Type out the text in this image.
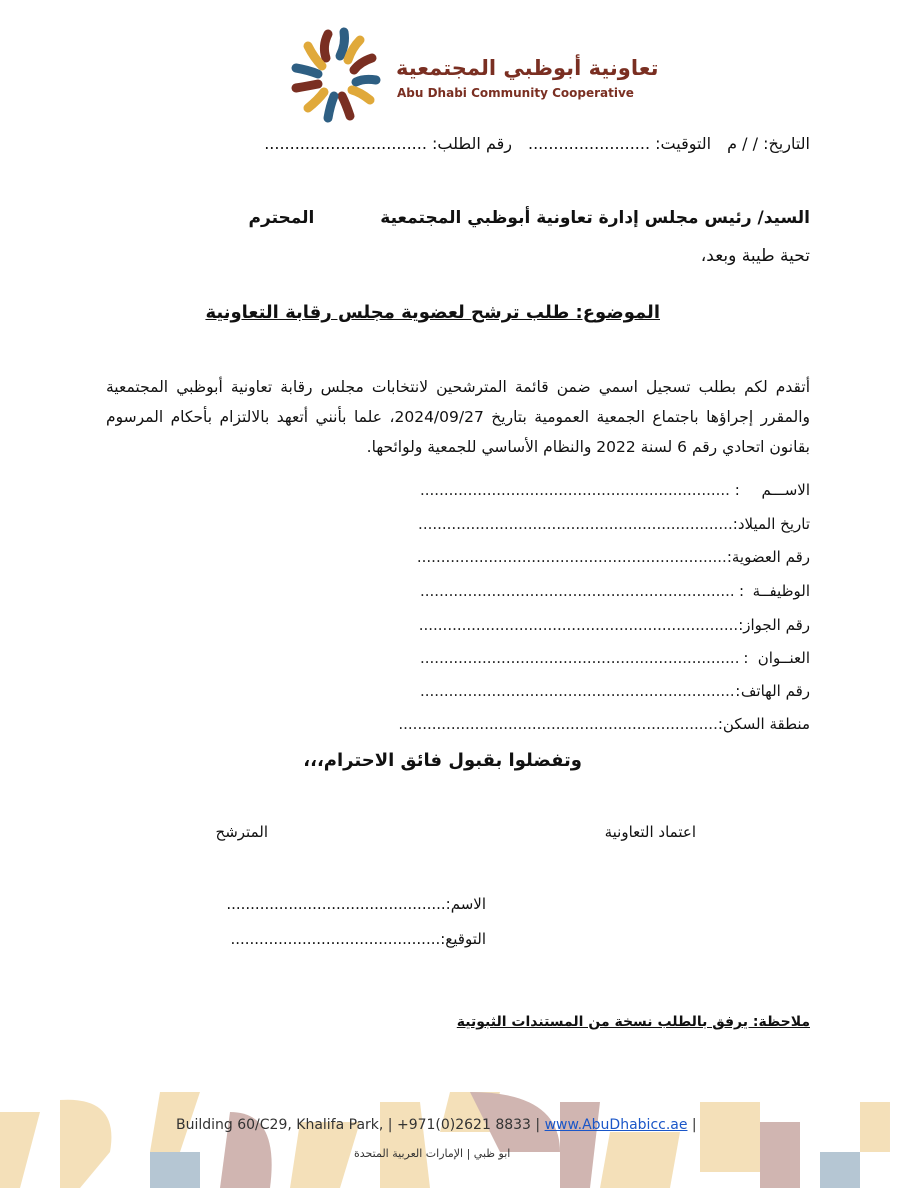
تعاونية أبوظبي المجتمعية
Abu Dhabi Community Cooperative
التاريخ: / / م
التوقيت: ........................
رقم الطلب: ................................
السيد/ رئيس مجلس إدارة تعاونية أبوظبي المجتمعية المحترم
تحية طيبة وبعد،
الموضوع: طلب ترشح لعضوية مجلس رقابة التعاونية
أتقدم لكم بطلب تسجيل اسمي ضمن قائمة المترشحين لانتخابات مجلس رقابة تعاونية أبوظبي المجتمعية والمقرر إجراؤها باجتماع الجمعية العمومية بتاريخ 2024/09/27، علما بأنني أتعهد بالالتزام بأحكام المرسوم بقانون اتحادي رقم 6 لسنة 2022 والنظام الأساسي للجمعية ولوائحها.
الاســـم
:
.................................................................
تاريخ الميلاد
:
..................................................................
رقم العضوية
:
.................................................................
الوظيفــة
:
..................................................................
رقم الجواز
:
...................................................................
العنــوان
:
...................................................................
رقم الهاتف
:
..................................................................
منطقة السكن
:
...................................................................
وتفضلوا بقبول فائق الاحترام،،،
اعتماد التعاونية
المترشح
الاسم:..............................................
التوقيع:............................................
ملاحظة: يرفق بالطلب نسخة من المستندات الثبوتية
Building 60/C29, Khalifa Park, | +971(0)2621 8833 | www.AbuDhabicc.ae |
ابو ظبي | الإمارات العربية المتحدة
